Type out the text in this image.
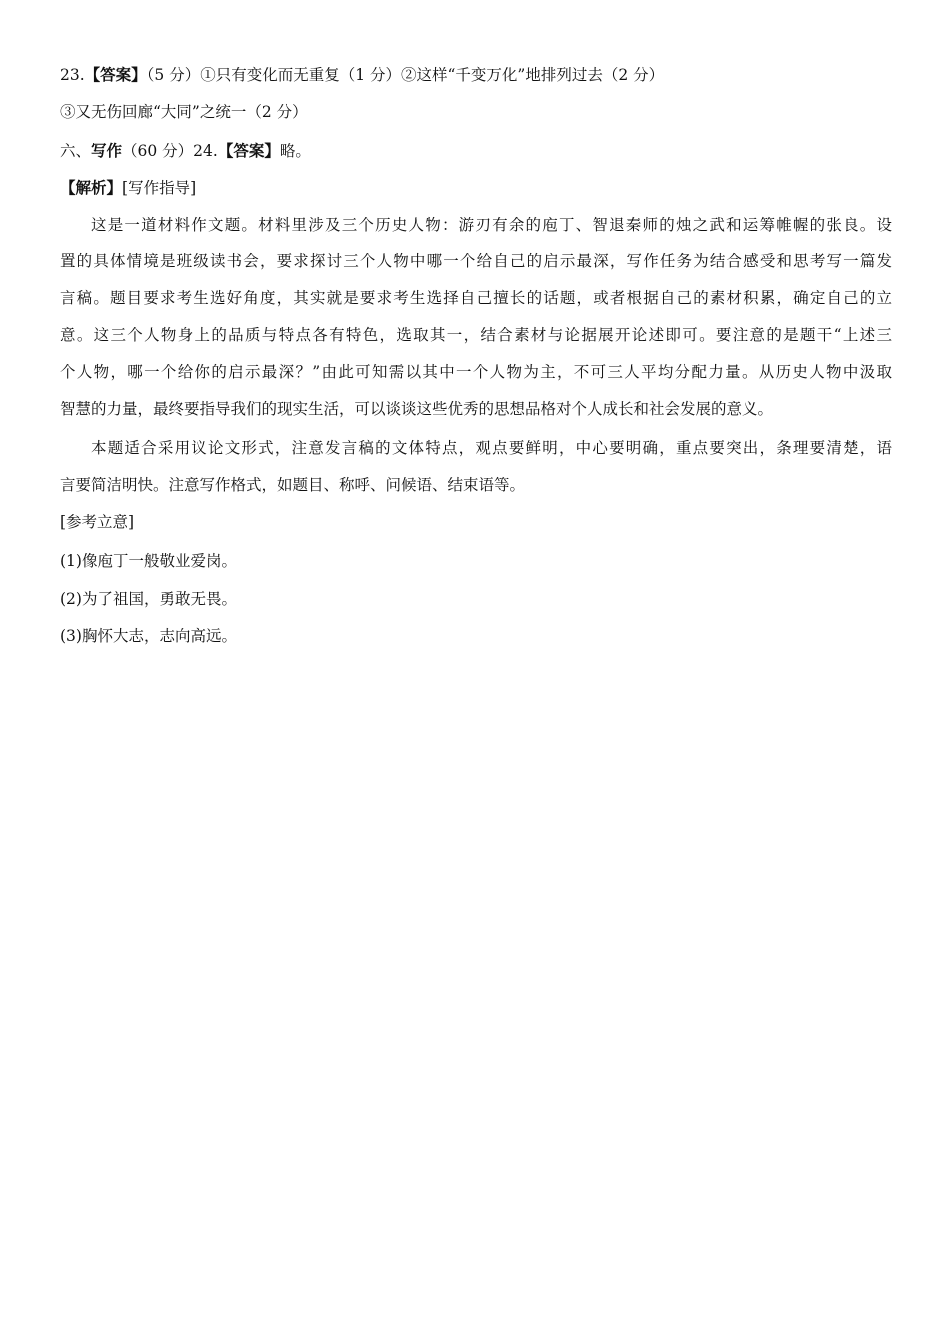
23.【答案】（5 分）①只有变化而无重复（1 分）②这样“千变万化”地排列过去（2 分）
③又无伤回廊“大同”之统一（2 分）
六、写作（60 分）24.【答案】略。
【解析】[写作指导]
这是一道材料作文题。材料里涉及三个历史人物：游刃有余的庖丁、智退秦师的烛之武和运筹帷幄的张良。设
置的具体情境是班级读书会，要求探讨三个人物中哪一个给自己的启示最深，写作任务为结合感受和思考写一篇发
言稿。题目要求考生选好角度，其实就是要求考生选择自己擅长的话题，或者根据自己的素材积累，确定自己的立
意。这三个人物身上的品质与特点各有特色，选取其一，结合素材与论据展开论述即可。要注意的是题干“上述三
个人物，哪一个给你的启示最深？”由此可知需以其中一个人物为主，不可三人平均分配力量。从历史人物中汲取
智慧的力量，最终要指导我们的现实生活，可以谈谈这些优秀的思想品格对个人成长和社会发展的意义。
本题适合采用议论文形式，注意发言稿的文体特点，观点要鲜明，中心要明确，重点要突出，条理要清楚，语
言要简洁明快。注意写作格式，如题目、称呼、问候语、结束语等。
[参考立意]
(1)像庖丁一般敬业爱岗。
(2)为了祖国，勇敢无畏。
(3)胸怀大志，志向高远。
